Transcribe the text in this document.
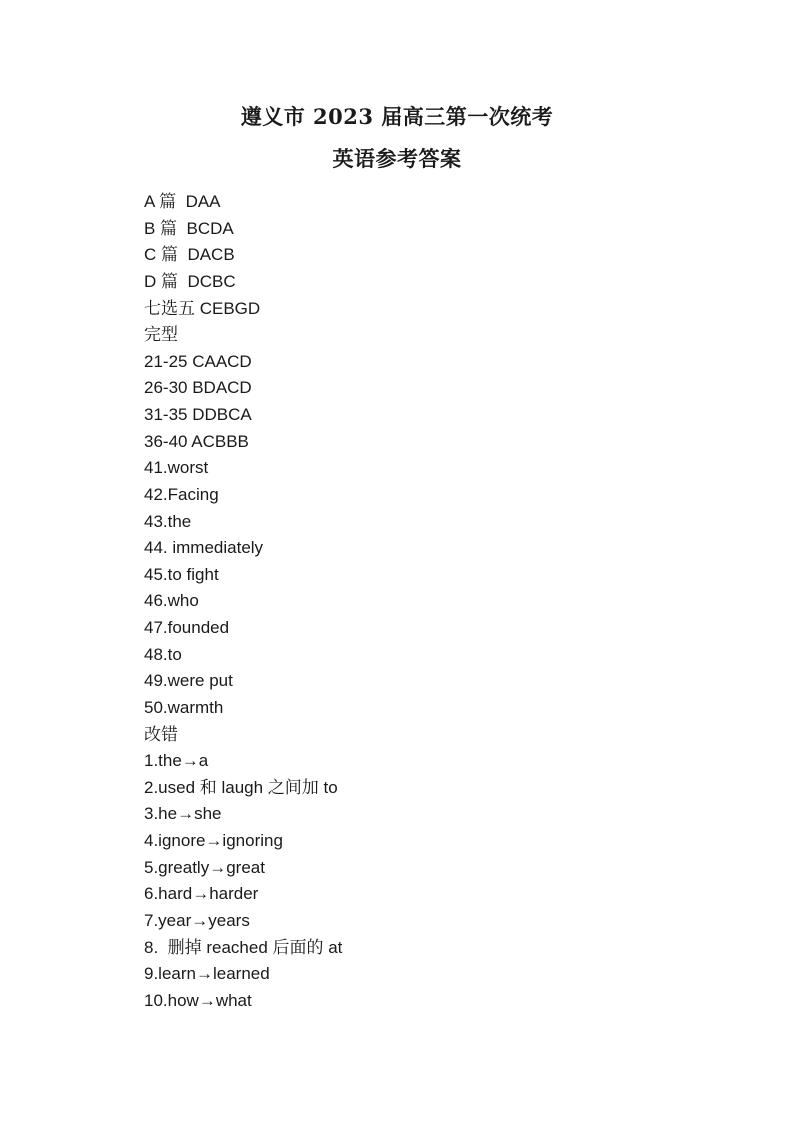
遵义市 2023 届高三第一次统考
英语参考答案
A 篇  DAA
B 篇  BCDA
C 篇  DACB
D 篇  DCBC
七选五 CEBGD
完型
21-25 CAACD
26-30 BDACD
31-35 DDBCA
36-40 ACBBB
41.worst
42.Facing
43.the
44. immediately
45.to fight
46.who
47.founded
48.to
49.were put
50.warmth
改错
1.the→a
2.used 和 laugh 之间加 to
3.he→she
4.ignore→ignoring
5.greatly→great
6.hard→harder
7.year→years
8.  删掉 reached 后面的 at
9.learn→learned
10.how→what
